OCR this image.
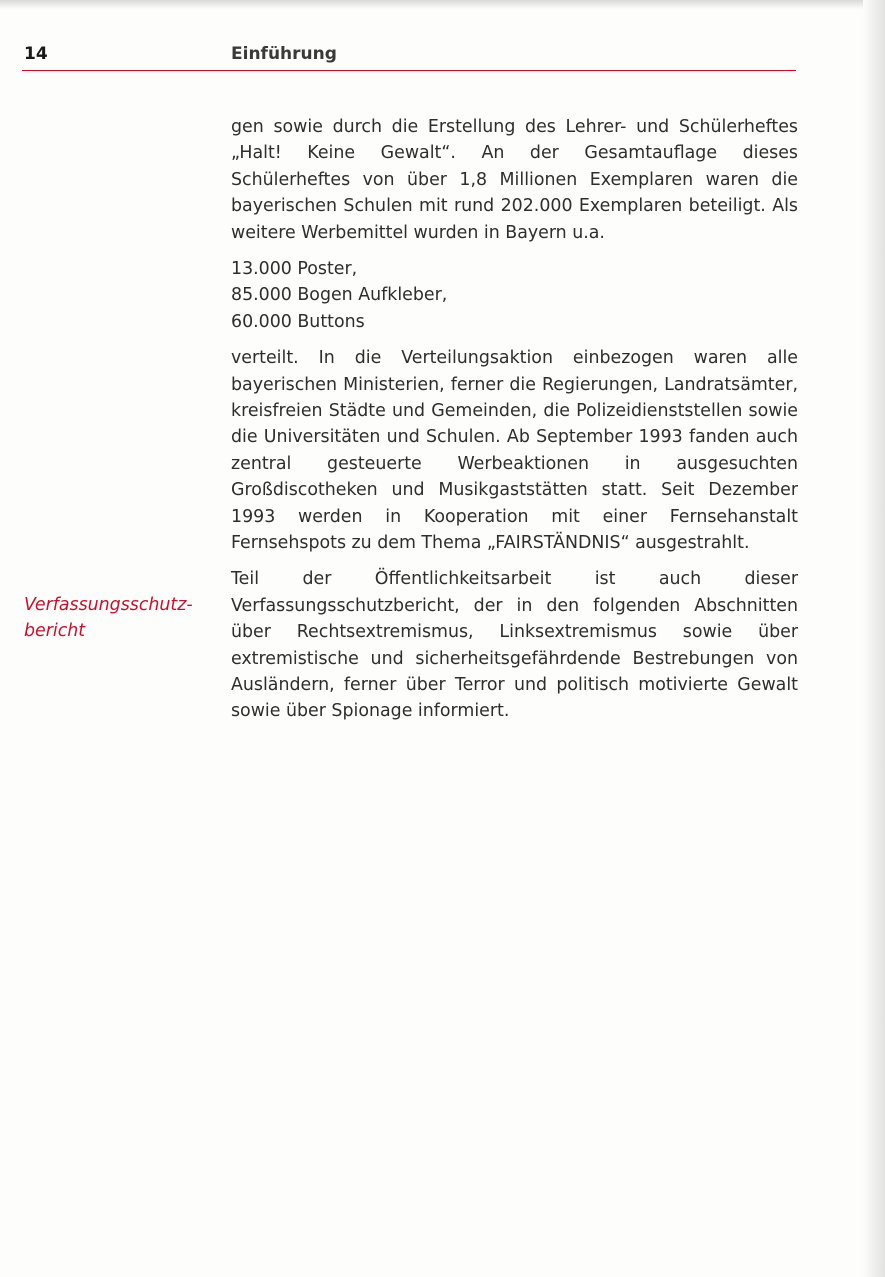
14	Einführung
Verfassungsschutz-
bericht

gen sowie durch die Erstellung des Lehrer- und Schülerheftes „Halt! Keine Gewalt“. An der Gesamtauflage dieses Schülerheftes von über 1,8 Millionen Exemplaren waren die bayerischen Schulen mit rund 202.000 Exemplaren beteiligt. Als weitere Werbemittel wurden in Bayern u.a.

13.000 Poster,
85.000 Bogen Aufkleber,
60.000 Buttons

verteilt. In die Verteilungsaktion einbezogen waren alle bayerischen Ministerien, ferner die Regierungen, Landratsämter, kreisfreien Städte und Gemeinden, die Polizeidienststellen sowie die Universitäten und Schulen. Ab September 1993 fanden auch zentral gesteuerte Werbeaktionen in ausgesuchten Großdiscotheken und Musikgaststätten statt. Seit Dezember 1993 werden in Kooperation mit einer Fernsehanstalt Fernsehspots zu dem Thema „FAIRSTÄNDNIS“ ausgestrahlt.

Teil der Öffentlichkeitsarbeit ist auch dieser Verfassungsschutzbericht, der in den folgenden Abschnitten über Rechtsextremismus, Linksextremismus sowie über extremistische und sicherheitsgefährdende Bestrebungen von Ausländern, ferner über Terror und politisch motivierte Gewalt sowie über Spionage informiert.
